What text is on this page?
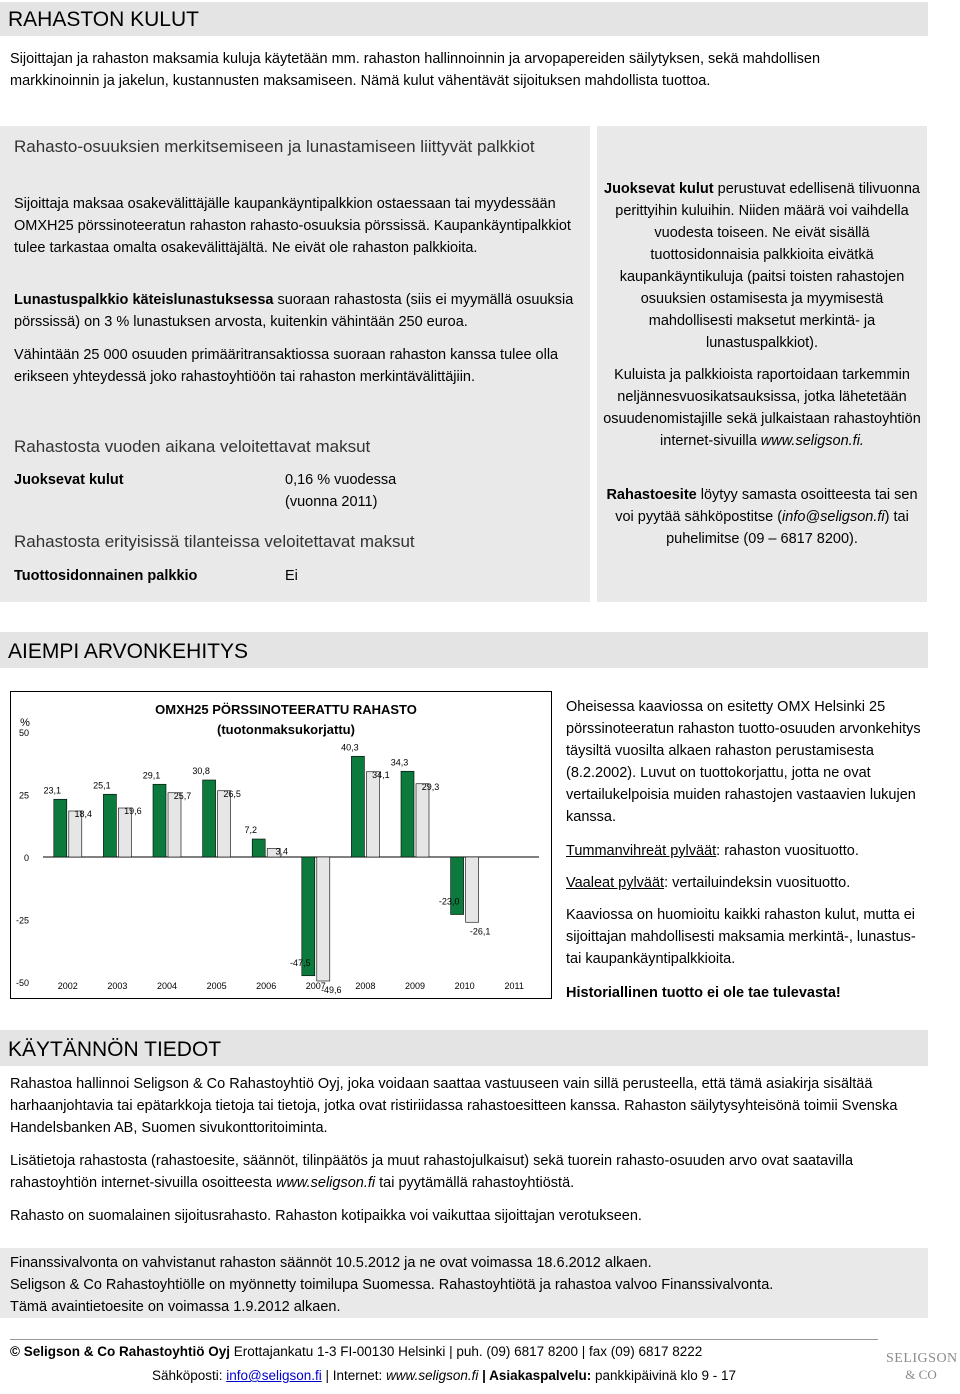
RAHASTON KULUT
Sijoittajan ja rahaston maksamia kuluja käytetään mm. rahaston hallinnoinnin ja arvopapereiden säilytyksen, sekä mahdollisen
markkinoinnin ja jakelun, kustannusten maksamiseen. Nämä kulut vähentävät sijoituksen mahdollista tuottoa.
Rahasto-osuuksien merkitsemiseen ja lunastamiseen liittyvät palkkiot
Sijoittaja maksaa osakevälittäjälle kaupankäyntipalkkion ostaessaan tai myydessään OMXH25 pörssinoteeratun rahaston rahasto-osuuksia pörssissä. Kaupankäyntipalkkiot tulee tarkastaa omalta osakevälittäjältä. Ne eivät ole rahaston palkkioita.
Lunastuspalkkio käteislunastuksessa suoraan rahastosta (siis ei myymällä osuuksia pörssissä) on 3 % lunastuksen arvosta, kuitenkin vähintään 250 euroa.
Vähintään 25 000 osuuden primääritransaktiossa suoraan rahaston kanssa tulee olla erikseen yhteydessä joko rahastoyhtiöön tai rahaston merkintävälittäjiin.
Rahastosta vuoden aikana veloitettavat maksut
Juoksevat kulut	0,16 % vuodessa
(vuonna 2011)
Rahastosta erityisissä tilanteissa veloitettavat maksut
Tuottosidonnainen palkkio	Ei
Juoksevat kulut perustuvat edellisenä tilivuonna perittyihin kuluihin. Niiden määrä voi vaihdella vuodesta toiseen. Ne eivät sisällä tuottosidonnaisia palkkioita eivätkä kaupankäyntikuluja (paitsi toisten rahastojen osuuksien ostamisesta ja myymisestä mahdollisesti maksetut merkintä- ja lunastuspalkkiot).
Kuluista ja palkkioista raportoidaan tarkemmin neljännesvuosikatsauksissa, jotka lähetetään osuudenomistajille sekä julkaistaan rahastoyhtiön internet-sivuilla www.seligson.fi.
Rahastoesite löytyy samasta osoitteesta tai sen voi pyytää sähköpostitse (info@seligson.fi) tai puhelimitse (09 – 6817 8200).
AIEMPI ARVONKEHITYS
OMXH25 PÖRSSINOTEERATTU RAHASTO
(tuotonmaksukorjattu)
%
50
25
0
-25
-50	2002
23,1
18,4
2003
25,1
19,6
2004
29,1
25,7
2005
30,8
26,5
2006
7,2
3,4
2007
-47,5
-49,6 2008
40,3
34,1
2009
34,3
29,3
2010
-23,0
-26,1
2011
Oheisessa kaaviossa on esitetty OMX Helsinki 25 pörssinoteeratun rahaston tuotto-osuuden arvonkehitys täysiltä vuosilta alkaen rahaston perustamisesta (8.2.2002). Luvut on tuottokorjattu, jotta ne ovat vertailukelpoisia muiden rahastojen vastaavien lukujen kanssa.
Tummanvihreät pylväät: rahaston vuosituotto.
Vaaleat pylväät: vertailuindeksin vuosituotto.
Kaaviossa on huomioitu kaikki rahaston kulut, mutta ei sijoittajan mahdollisesti maksamia merkintä-, lunastus- tai kaupankäyntipalkkioita.
Historiallinen tuotto ei ole tae tulevasta!
KÄYTÄNNÖN TIEDOT
Rahastoa hallinnoi Seligson & Co Rahastoyhtiö Oyj, joka voidaan saattaa vastuuseen vain sillä perusteella, että tämä asiakirja sisältää harhaanjohtavia tai epätarkkoja tietoja tai tietoja, jotka ovat ristiriidassa rahastoesitteen kanssa. Rahaston säilytysyhteisönä toimii Svenska Handelsbanken AB, Suomen sivukonttoritoiminta.
Lisätietoja rahastosta (rahastoesite, säännöt, tilinpäätös ja muut rahastojulkaisut) sekä tuorein rahasto-osuuden arvo ovat saatavilla rahastoyhtiön internet-sivuilla osoitteesta www.seligson.fi tai pyytämällä rahastoyhtiöstä.
Rahasto on suomalainen sijoitusrahasto. Rahaston kotipaikka voi vaikuttaa sijoittajan verotukseen.
Finanssivalvonta on vahvistanut rahaston säännöt 10.5.2012 ja ne ovat voimassa 18.6.2012 alkaen.
Seligson & Co Rahastoyhtiölle on myönnetty toimilupa Suomessa. Rahastoyhtiötä ja rahastoa valvoo Finanssivalvonta.
Tämä avaintietoesite on voimassa 1.9.2012 alkaen.
© Seligson & Co Rahastoyhtiö Oyj Erottajankatu 1-3 FI-00130 Helsinki | puh. (09) 6817 8200 | fax (09) 6817 8222
Sähköposti: info@seligson.fi | Internet: www.seligson.fi | Asiakaspalvelu: pankkipäivinä klo 9 - 17
SELIGSON
& CO
